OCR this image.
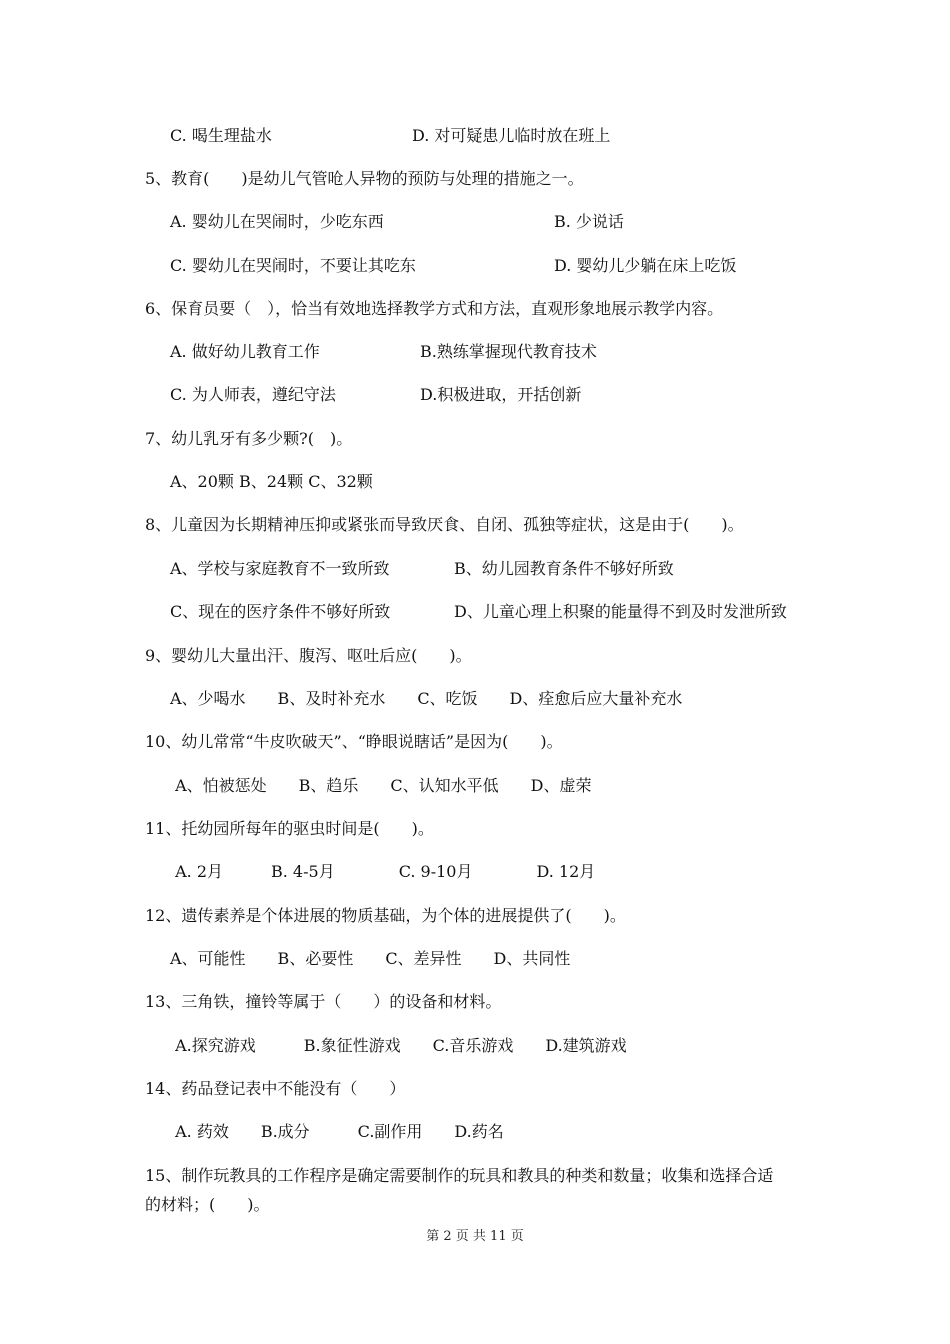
C. 喝生理盐水	D. 对可疑患儿临时放在班上
5、教育(　　)是幼儿气管呛人异物的预防与处理的措施之一。
A. 婴幼儿在哭闹时，少吃东西	B. 少说话
C. 婴幼儿在哭闹时，不要让其吃东	D. 婴幼儿少躺在床上吃饭
6、保育员要（　），恰当有效地选择教学方式和方法，直观形象地展示教学内容。
A. 做好幼儿教育工作	B.熟练掌握现代教育技术
C. 为人师表，遵纪守法	D.积极进取，开括创新
7、幼儿乳牙有多少颗?(　)。
A、20颗 B、24颗 C、32颗
8、儿童因为长期精神压抑或紧张而导致厌食、自闭、孤独等症状，这是由于(　　)。
A、学校与家庭教育不一致所致	B、幼儿园教育条件不够好所致
C、现在的医疗条件不够好所致	D、儿童心理上积聚的能量得不到及时发泄所致
9、婴幼儿大量出汗、腹泻、呕吐后应(　　)。
A、少喝水　　B、及时补充水　　C、吃饭　　D、痊愈后应大量补充水
10、幼儿常常“牛皮吹破天”、“睁眼说瞎话”是因为(　　)。
A、怕被惩处　　B、趋乐　　C、认知水平低　　D、虚荣
11、托幼园所每年的驱虫时间是(　　)。
A. 2月　　　B. 4-5月　　　　C. 9-10月　　　　D. 12月
12、遗传素养是个体进展的物质基础，为个体的进展提供了(　　)。
A、可能性　　B、必要性　　C、差异性　　D、共同性
13、三角铁，撞铃等属于（　　）的设备和材料。
A.探究游戏　　　B.象征性游戏　　C.音乐游戏　　D.建筑游戏
14、药品登记表中不能没有（　　）
A. 药效　　B.成分　　　C.副作用　　D.药名
15、制作玩教具的工作程序是确定需要制作的玩具和教具的种类和数量；收集和选择合适
的材料；(　　)。
第 2 页 共 11 页
